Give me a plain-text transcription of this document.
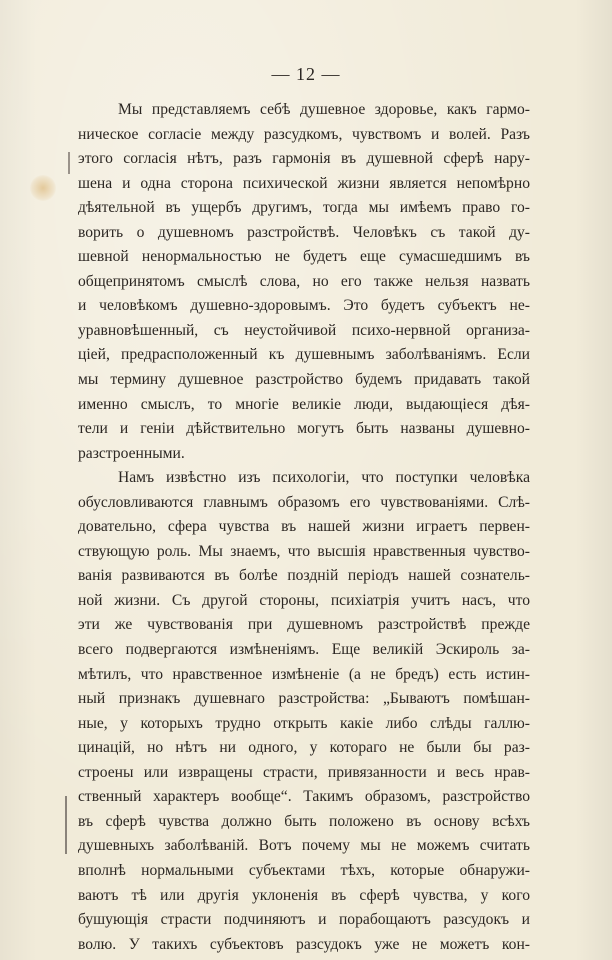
— 12 —
Мы представляемъ себѣ душевное здоровье, какъ гармо-
ническое согласiе между разсудкомъ, чувствомъ и волей. Разъ
этого согласiя нѣтъ, разъ гармонiя въ душевной сферѣ нару-
шена и одна сторона психической жизни является непомѣрно
дѣятельной въ ущербъ другимъ, тогда мы имѣемъ право го-
ворить о душевномъ разстройствѣ. Человѣкъ съ такой ду-
шевной ненормальностью не будетъ еще сумасшедшимъ въ
общепринятомъ смыслѣ слова, но его также нельзя назвать
и человѣкомъ душевно-здоровымъ. Это будетъ субъектъ не-
уравновѣшенный, съ неустойчивой психо-нервной организа-
цiей, предрасположенный къ душевнымъ заболѣванiямъ. Если
мы термину душевное разстройство будемъ придавать такой
именно смыслъ, то многiе великiе люди, выдающiеся дѣя-
тели и генiи дѣйствительно могутъ быть названы душевно-
разстроенными.
Намъ извѣстно изъ психологiи, что поступки человѣка
обусловливаются главнымъ образомъ его чувствованiями. Слѣ-
довательно, сфера чувства въ нашей жизни играетъ первен-
ствующую роль. Мы знаемъ, что высшiя нравственныя чувство-
ванiя развиваются въ болѣе позднiй перiодъ нашей сознатель-
ной жизни. Съ другой стороны, психiатрiя учитъ насъ, что
эти же чувствованiя при душевномъ разстройствѣ прежде
всего подвергаются измѣненiямъ. Еще великiй Эскироль за-
мѣтилъ, что нравственное измѣненiе (а не бредъ) есть истин-
ный признакъ душевнаго разстройства: „Бываютъ помѣшан-
ные, у которыхъ трудно открыть какiе либо слѣды галлю-
цинацiй, но нѣтъ ни одного, у котораго не были бы раз-
строены или извращены страсти, привязанности и весь нрав-
ственный характеръ вообще“. Такимъ образомъ, разстройство
въ сферѣ чувства должно быть положено въ основу всѣхъ
душевныхъ заболѣванiй. Вотъ почему мы не можемъ считать
вполнѣ нормальными субъектами тѣхъ, которые обнаружи-
ваютъ тѣ или другiя уклоненiя въ сферѣ чувства, у кого
бушующiя страсти подчиняютъ и порабощаютъ разсудокъ и
волю. У такихъ субъектовъ разсудокъ уже не можетъ кон-
